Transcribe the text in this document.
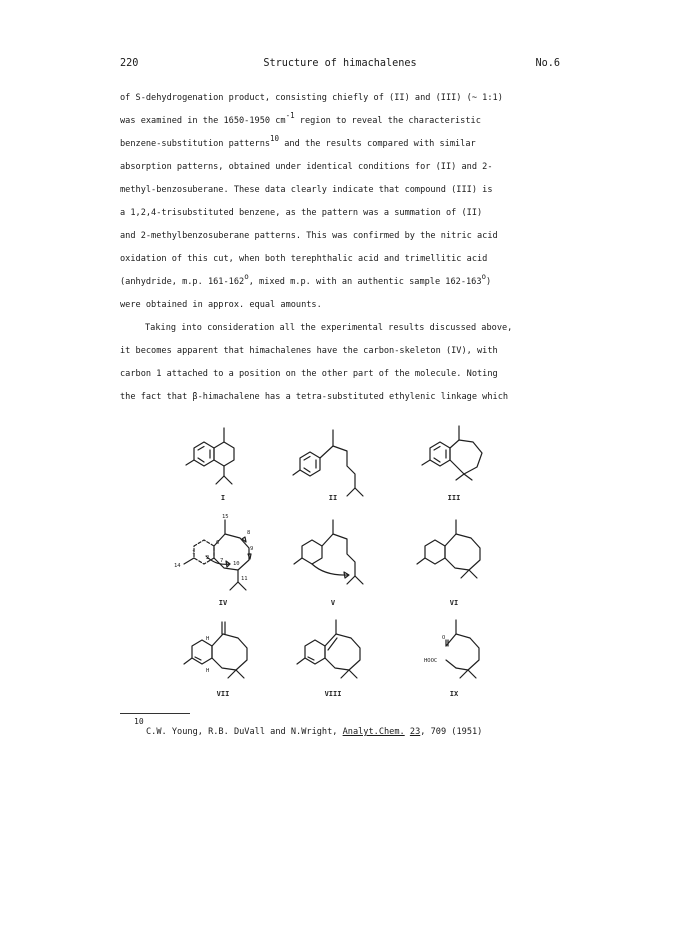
220	Structure of himachalenes	No.6
of S-dehydrogenation product, consisting chiefly of (II) and (III) (~ 1:1)
was examined in the 1650-1950 $cm^{-1}$ region to reveal the characteristic
benzene-substitution patterns$^{10}$ and the results compared with similar
absorption patterns, obtained under identical conditions for (II) and 2-
methyl-benzosuberane. These data clearly indicate that compound (III) is
a 1,2,4-trisubstituted benzene, as the pattern was a summation of (II)
and 2-methylbenzosuberane patterns. This was confirmed by the nitric acid
oxidation of this cut, when both terephthalic acid and trimellitic acid
(anhydride, m.p. 161-162$^o$, mixed m.p. with an authentic sample 162-163$^o$)
were obtained in approx. equal amounts.
Taking into consideration all the experimental results discussed above,
it becomes apparent that himachalenes have the carbon-skeleton (IV), with
carbon 1 attached to a position on the other part of the molecule. Noting
the fact that β-himachalene has a tetra-substituted ethylenic linkage which
I	II	III
15
14
1
2
6
7
8
9
10
11
IV	V	VI
H
H
O
HOOC
VII	VIII	IX
10
C.W. Young, R.B. DuVall and N.Wright, Analyt.Chem. 23, 709 (1951)
